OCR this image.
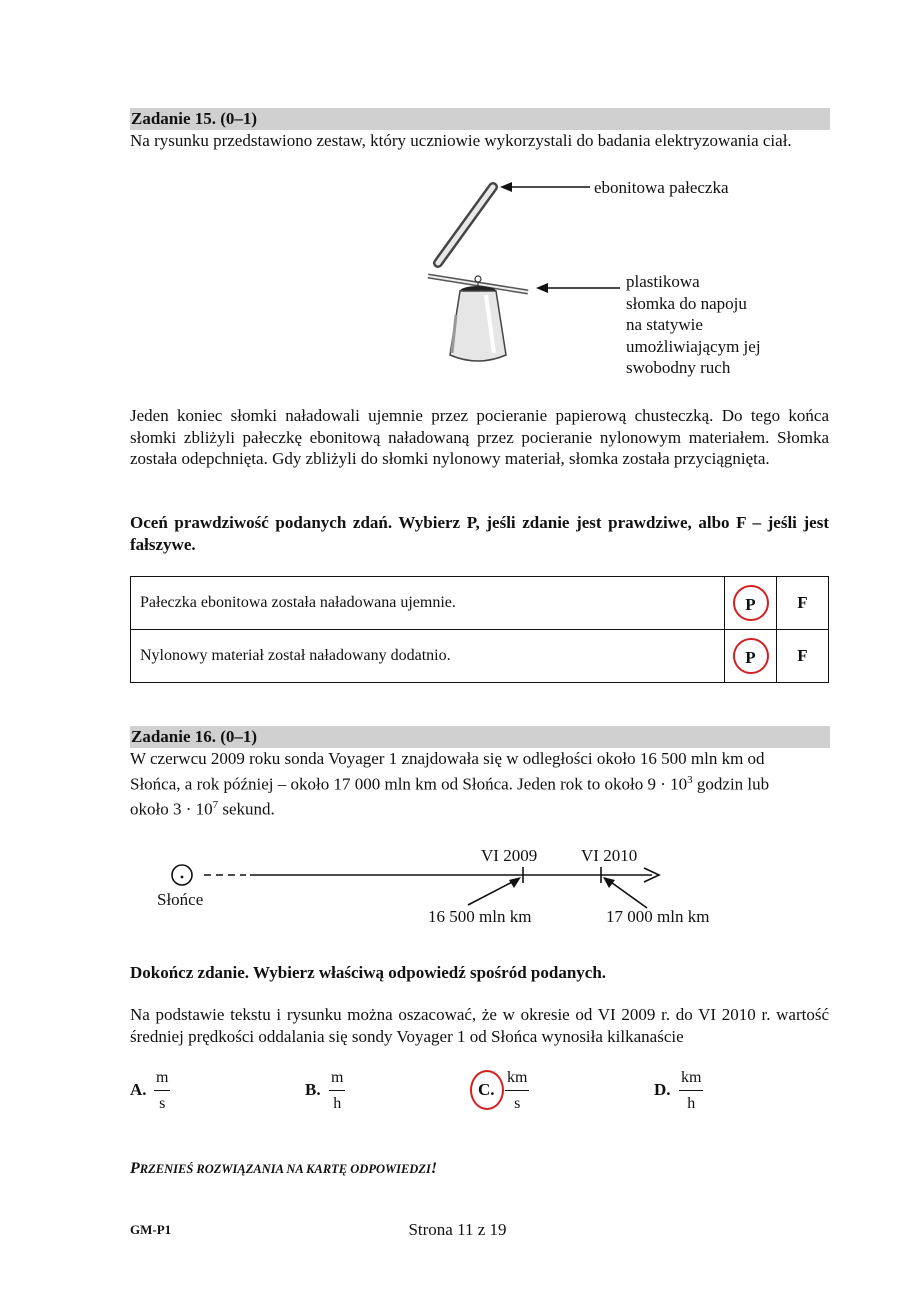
Zadanie 15. (0–1)
Na rysunku przedstawiono zestaw, który uczniowie wykorzystali do badania elektryzowania ciał.
ebonitowa pałeczka
plastikowa
słomka do napoju
na statywie
umożliwiającym jej
swobodny ruch
Jeden koniec słomki naładowali ujemnie przez pocieranie papierową chusteczką. Do tego końca słomki zbliżyli pałeczkę ebonitową naładowaną przez pocieranie nylonowym materiałem. Słomka została odepchnięta. Gdy zbliżyli do słomki nylonowy materiał, słomka została przyciągnięta.
Oceń prawdziwość podanych zdań. Wybierz P, jeśli zdanie jest prawdziwe, albo F – jeśli jest fałszywe.
Pałeczka ebonitowa została naładowana ujemnie.	P	F
Nylonowy materiał został naładowany dodatnio.	P	F
Zadanie 16. (0–1)
W czerwcu 2009 roku sonda Voyager 1 znajdowała się w odległości około 16 500 mln km od
Słońca, a rok później – około 17 000 mln km od Słońca. Jeden rok to około $9 \cdot 10^3$ godzin lub
około $3 \cdot 10^7$ sekund.
Słońce
VI 2009	VI 2010
16 500 mln km	17 000 mln km
Dokończ zdanie. Wybierz właściwą odpowiedź spośród podanych.
Na podstawie tekstu i rysunku można oszacować, że w okresie od VI 2009 r. do VI 2010 r. wartość średniej prędkości oddalania się sondy Voyager 1 od Słońca wynosiła kilkanaście
A. $\frac{m}{s}$	B. $\frac{m}{h}$	C. $\frac{km}{s}$	D. $\frac{km}{h}$
PRZENIEŚ ROZWIĄZANIA NA KARTĘ ODPOWIEDZI!
GM-P1	Strona 11 z 19
